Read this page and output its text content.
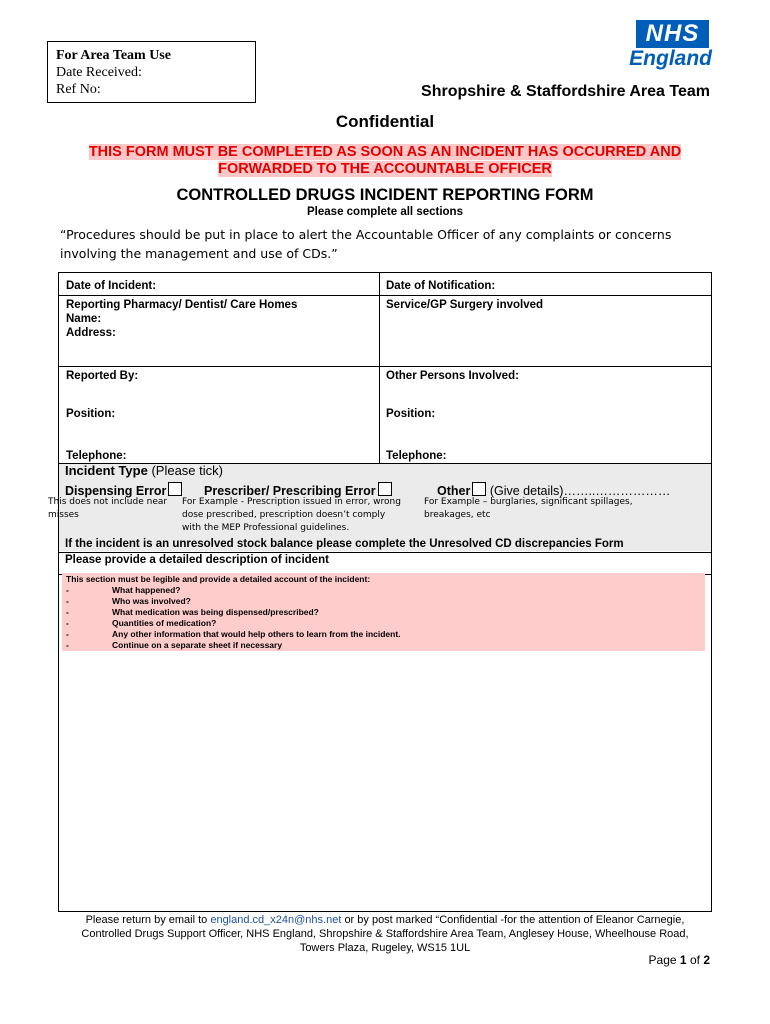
For Area Team Use
Date Received:
Ref No:
NHS
England
Shropshire & Staffordshire Area Team
Confidential
THIS FORM MUST BE COMPLETED AS SOON AS AN INCIDENT HAS OCCURRED AND
FORWARDED TO THE ACCOUNTABLE OFFICER
CONTROLLED DRUGS INCIDENT REPORTING FORM
Please complete all sections
“Procedures should be put in place to alert the Accountable Officer of any complaints or concerns involving the management and use of CDs.”
Date of Incident:	Date of Notification:
Reporting Pharmacy/ Dentist/ Care Homes
Name:
Address:
Service/GP Surgery involved
Reported By:	Other Persons Involved:
Position:	Position:
Telephone:	Telephone:
Incident Type (Please tick)
Dispensing Error	Prescriber/ Prescribing Error	Other (Give details)……..………………
This does not include near
misses
For Example - Prescription issued in error, wrong
dose prescribed, prescription doesn’t comply
with the MEP Professional guidelines.
For Example – burglaries, significant spillages,
breakages, etc
If the incident is an unresolved stock balance please complete the Unresolved CD discrepancies Form
Please provide a detailed description of incident
This section must be legible and provide a detailed account of the incident:
-	What happened?
-	Who was involved?
-	What medication was being dispensed/prescribed?
-	Quantities of medication?
-	Any other information that would help others to learn from the incident.
-	Continue on a separate sheet if necessary
Please return by email to england.cd_x24n@nhs.net or by post marked “Confidential -for the attention of Eleanor Carnegie,
Controlled Drugs Support Officer, NHS England, Shropshire & Staffordshire Area Team, Anglesey House, Wheelhouse Road,
Towers Plaza, Rugeley, WS15 1UL
Page 1 of 2
